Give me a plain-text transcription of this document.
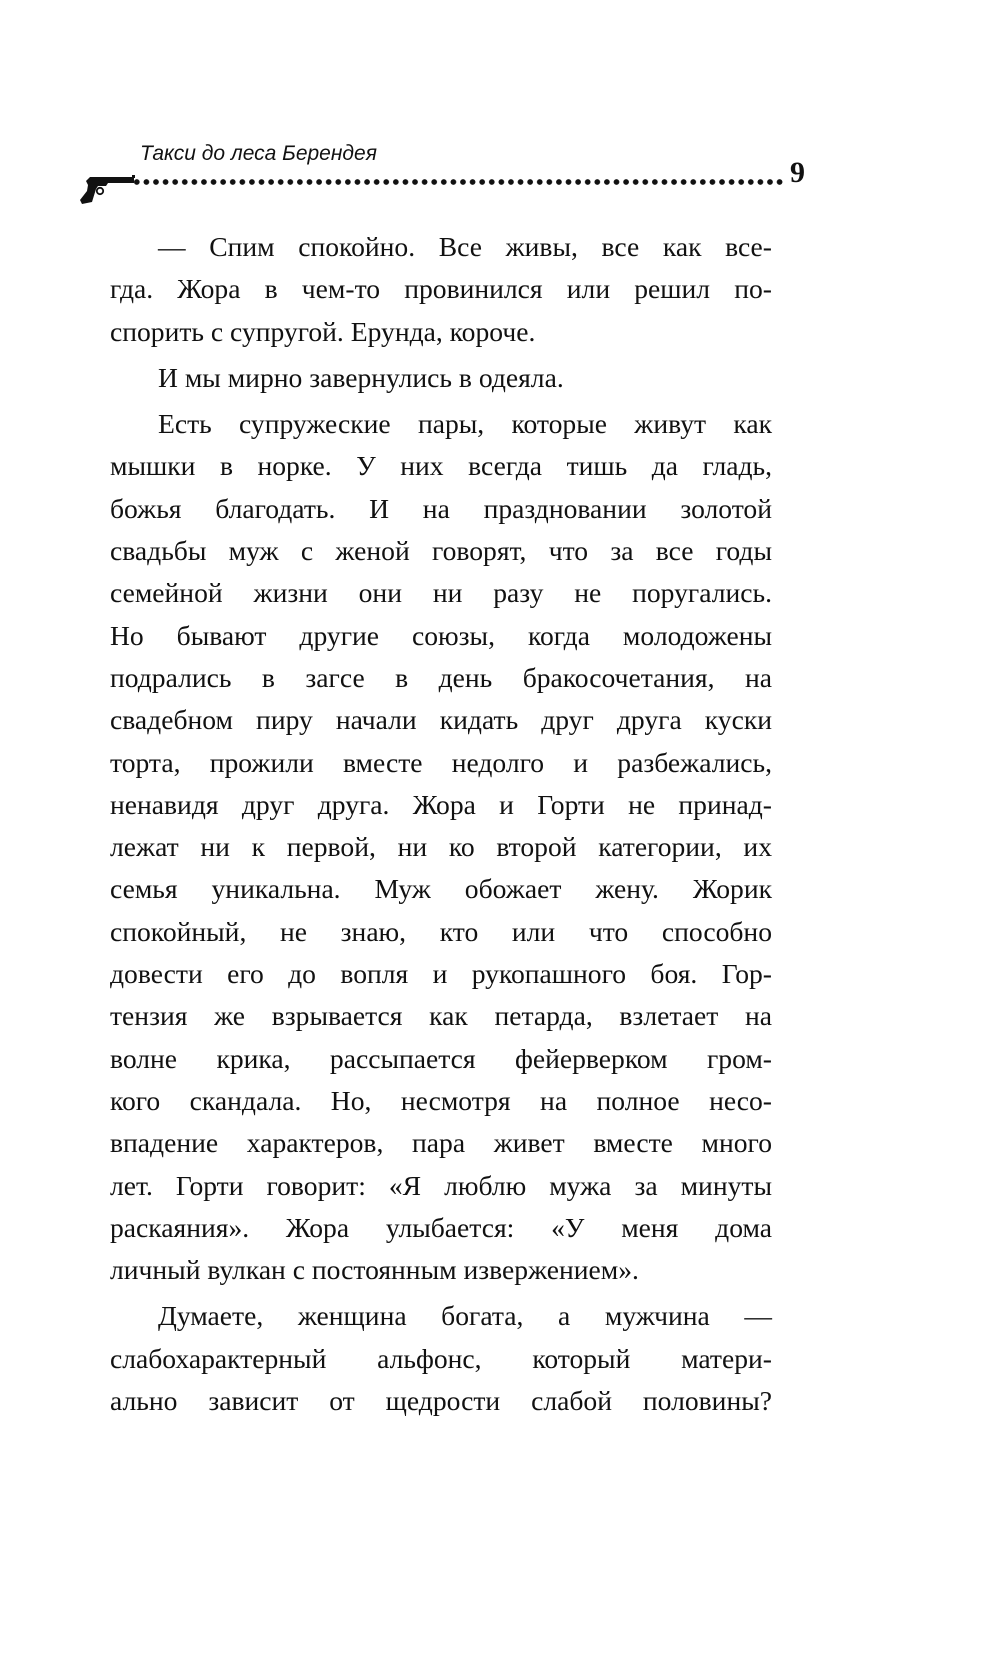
Такси до леса Берендея
9
— Спим спокойно. Все живы, все как все-
гда. Жора в чем-то провинился или решил по-
спорить с супругой. Ерунда, короче.
И мы мирно завернулись в одеяла.
Есть супружеские пары, которые живут как
мышки в норке. У них всегда тишь да гладь,
божья благодать. И на праздновании золотой
свадьбы муж с женой говорят, что за все годы
семейной жизни они ни разу не поругались.
Но бывают другие союзы, когда молодожены
подрались в загсе в день бракосочетания, на
свадебном пиру начали кидать друг друга куски
торта, прожили вместе недолго и разбежались,
ненавидя друг друга. Жора и Горти не принад-
лежат ни к первой, ни ко второй категории, их
семья уникальна. Муж обожает жену. Жорик
спокойный, не знаю, кто или что способно
довести его до вопля и рукопашного боя. Гор-
тензия же взрывается как петарда, взлетает на
волне крика, рассыпается фейерверком гром-
кого скандала. Но, несмотря на полное несо-
впадение характеров, пара живет вместе много
лет. Горти говорит: «Я люблю мужа за минуты
раскаяния». Жора улыбается: «У меня дома
личный вулкан с постоянным извержением».
Думаете, женщина богата, а мужчина —
слабохарактерный альфонс, который матери-
ально зависит от щедрости слабой половины?
